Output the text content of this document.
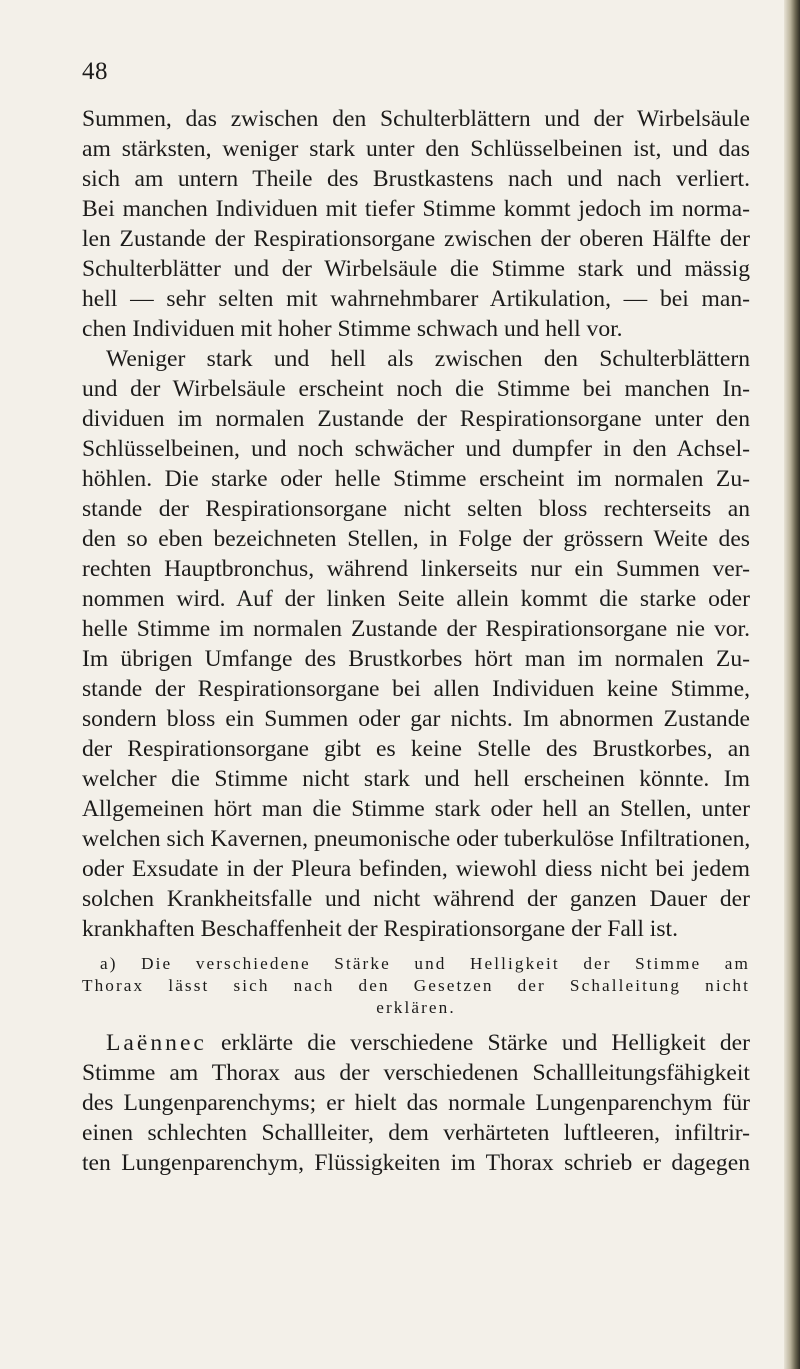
48
Summen, das zwischen den Schulterblättern und der Wirbelsäule
am stärksten, weniger stark unter den Schlüsselbeinen ist, und das
sich am untern Theile des Brustkastens nach und nach verliert.
Bei manchen Individuen mit tiefer Stimme kommt jedoch im norma-
len Zustande der Respirationsorgane zwischen der oberen Hälfte der
Schulterblätter und der Wirbelsäule die Stimme stark und mässig
hell — sehr selten mit wahrnehmbarer Artikulation, — bei man-
chen Individuen mit hoher Stimme schwach und hell vor.
Weniger stark und hell als zwischen den Schulterblättern
und der Wirbelsäule erscheint noch die Stimme bei manchen In-
dividuen im normalen Zustande der Respirationsorgane unter den
Schlüsselbeinen, und noch schwächer und dumpfer in den Achsel-
höhlen. Die starke oder helle Stimme erscheint im normalen Zu-
stande der Respirationsorgane nicht selten bloss rechterseits an
den so eben bezeichneten Stellen, in Folge der grössern Weite des
rechten Hauptbronchus, während linkerseits nur ein Summen ver-
nommen wird. Auf der linken Seite allein kommt die starke oder
helle Stimme im normalen Zustande der Respirationsorgane nie vor.
Im übrigen Umfange des Brustkorbes hört man im normalen Zu-
stande der Respirationsorgane bei allen Individuen keine Stimme,
sondern bloss ein Summen oder gar nichts. Im abnormen Zustande
der Respirationsorgane gibt es keine Stelle des Brustkorbes, an
welcher die Stimme nicht stark und hell erscheinen könnte. Im
Allgemeinen hört man die Stimme stark oder hell an Stellen, unter
welchen sich Kavernen, pneumonische oder tuberkulöse Infiltrationen,
oder Exsudate in der Pleura befinden, wiewohl diess nicht bei jedem
solchen Krankheitsfalle und nicht während der ganzen Dauer der
krankhaften Beschaffenheit der Respirationsorgane der Fall ist.
a) Die verschiedene Stärke und Helligkeit der Stimme am
Thorax lässt sich nach den Gesetzen der Schalleitung nicht
erklären.
Laënnec erklärte die verschiedene Stärke und Helligkeit der
Stimme am Thorax aus der verschiedenen Schallleitungsfähigkeit
des Lungenparenchyms; er hielt das normale Lungenparenchym für
einen schlechten Schallleiter, dem verhärteten luftleeren, infiltrir-
ten Lungenparenchym, Flüssigkeiten im Thorax schrieb er dagegen
